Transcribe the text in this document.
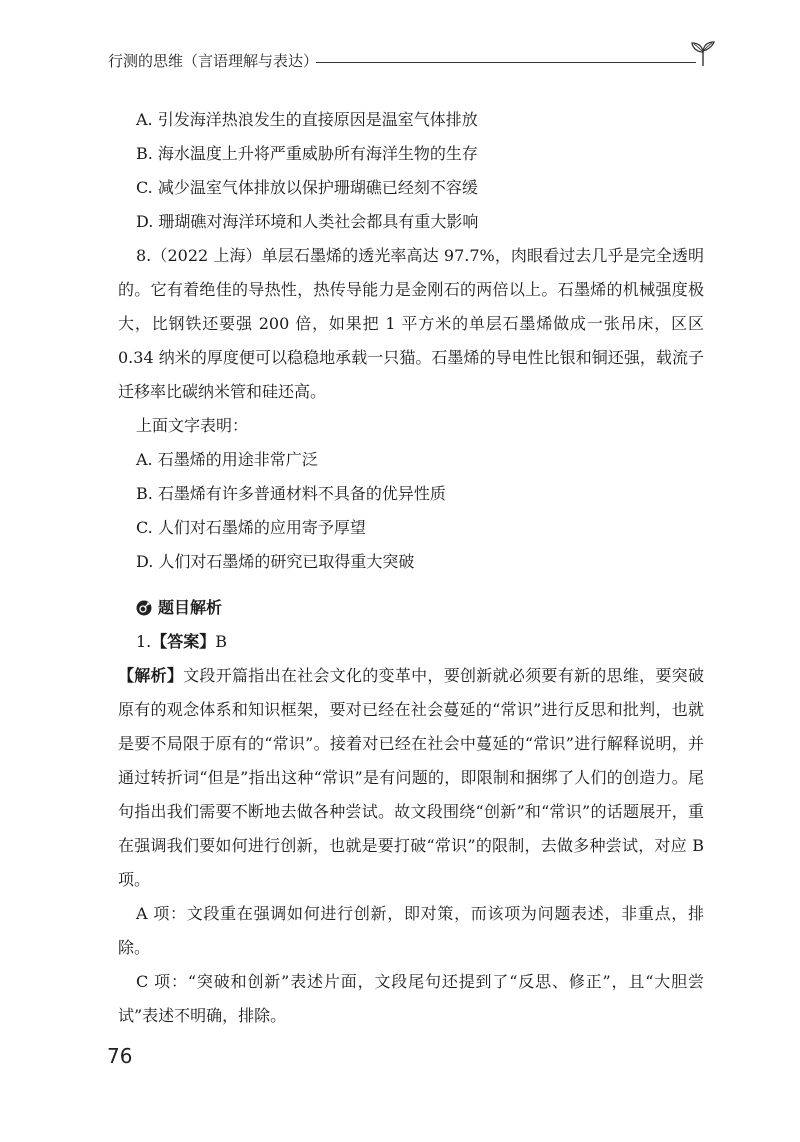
行测的思维（言语理解与表达）
A. 引发海洋热浪发生的直接原因是温室气体排放
B. 海水温度上升将严重威胁所有海洋生物的生存
C. 减少温室气体排放以保护珊瑚礁已经刻不容缓
D. 珊瑚礁对海洋环境和人类社会都具有重大影响
8.（2022 上海）单层石墨烯的透光率高达 97.7%，肉眼看过去几乎是完全透明的。它有着绝佳的导热性，热传导能力是金刚石的两倍以上。石墨烯的机械强度极大，比钢铁还要强 200 倍，如果把 1 平方米的单层石墨烯做成一张吊床，区区 0.34 纳米的厚度便可以稳稳地承载一只猫。石墨烯的导电性比银和铜还强，载流子迁移率比碳纳米管和硅还高。
上面文字表明：
A. 石墨烯的用途非常广泛
B. 石墨烯有许多普通材料不具备的优异性质
C. 人们对石墨烯的应用寄予厚望
D. 人们对石墨烯的研究已取得重大突破
题目解析
1.【答案】B
【解析】文段开篇指出在社会文化的变革中，要创新就必须要有新的思维，要突破原有的观念体系和知识框架，要对已经在社会蔓延的“常识”进行反思和批判，也就是要不局限于原有的“常识”。接着对已经在社会中蔓延的“常识”进行解释说明，并通过转折词“但是”指出这种“常识”是有问题的，即限制和捆绑了人们的创造力。尾句指出我们需要不断地去做各种尝试。故文段围绕“创新”和“常识”的话题展开，重在强调我们要如何进行创新，也就是要打破“常识”的限制，去做多种尝试，对应 B 项。
A 项：文段重在强调如何进行创新，即对策，而该项为问题表述，非重点，排除。
C 项：“突破和创新”表述片面，文段尾句还提到了“反思、修正”，且“大胆尝试”表述不明确，排除。
76
